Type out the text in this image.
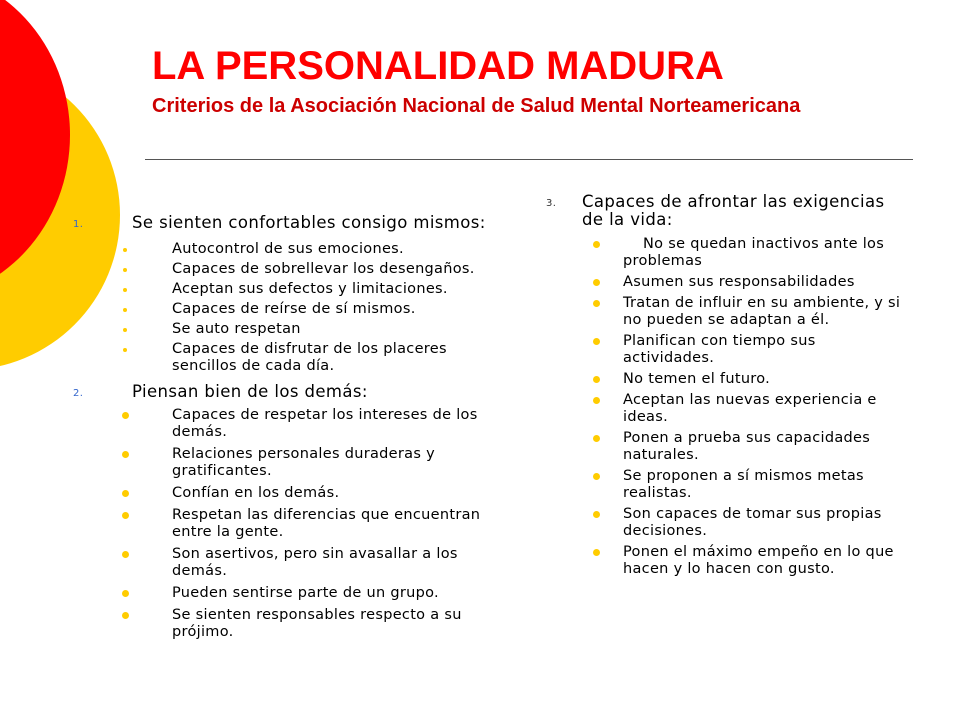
LA PERSONALIDAD MADURA
Criterios de la Asociación Nacional de Salud Mental Norteamericana
1.	Se sienten confortables consigo mismos:
Autocontrol de sus emociones.
Capaces de sobrellevar los desengaños.
Aceptan sus defectos y limitaciones.
Capaces de reírse de sí mismos.
Se auto respetan
Capaces de disfrutar de los placeres sencillos de cada día.
2.	Piensan bien de los demás:
Capaces de respetar los intereses de los demás.
Relaciones personales duraderas y gratificantes.
Confían en los demás.
Respetan las diferencias que encuentran entre la gente.
Son asertivos, pero sin avasallar a los demás.
Pueden sentirse parte de un grupo.
Se sienten responsables respecto a su prójimo.
3. Capaces de afrontar las exigencias de la vida:
No se quedan inactivos ante los problemas
Asumen sus responsabilidades
Tratan de influir en su ambiente, y si no pueden se adaptan a él.
Planifican con tiempo sus actividades.
No temen el futuro.
Aceptan las nuevas experiencia e ideas.
Ponen a prueba sus capacidades naturales.
Se proponen a sí mismos metas realistas.
Son capaces de tomar sus propias decisiones.
Ponen el máximo empeño en lo que hacen y lo hacen con gusto.
